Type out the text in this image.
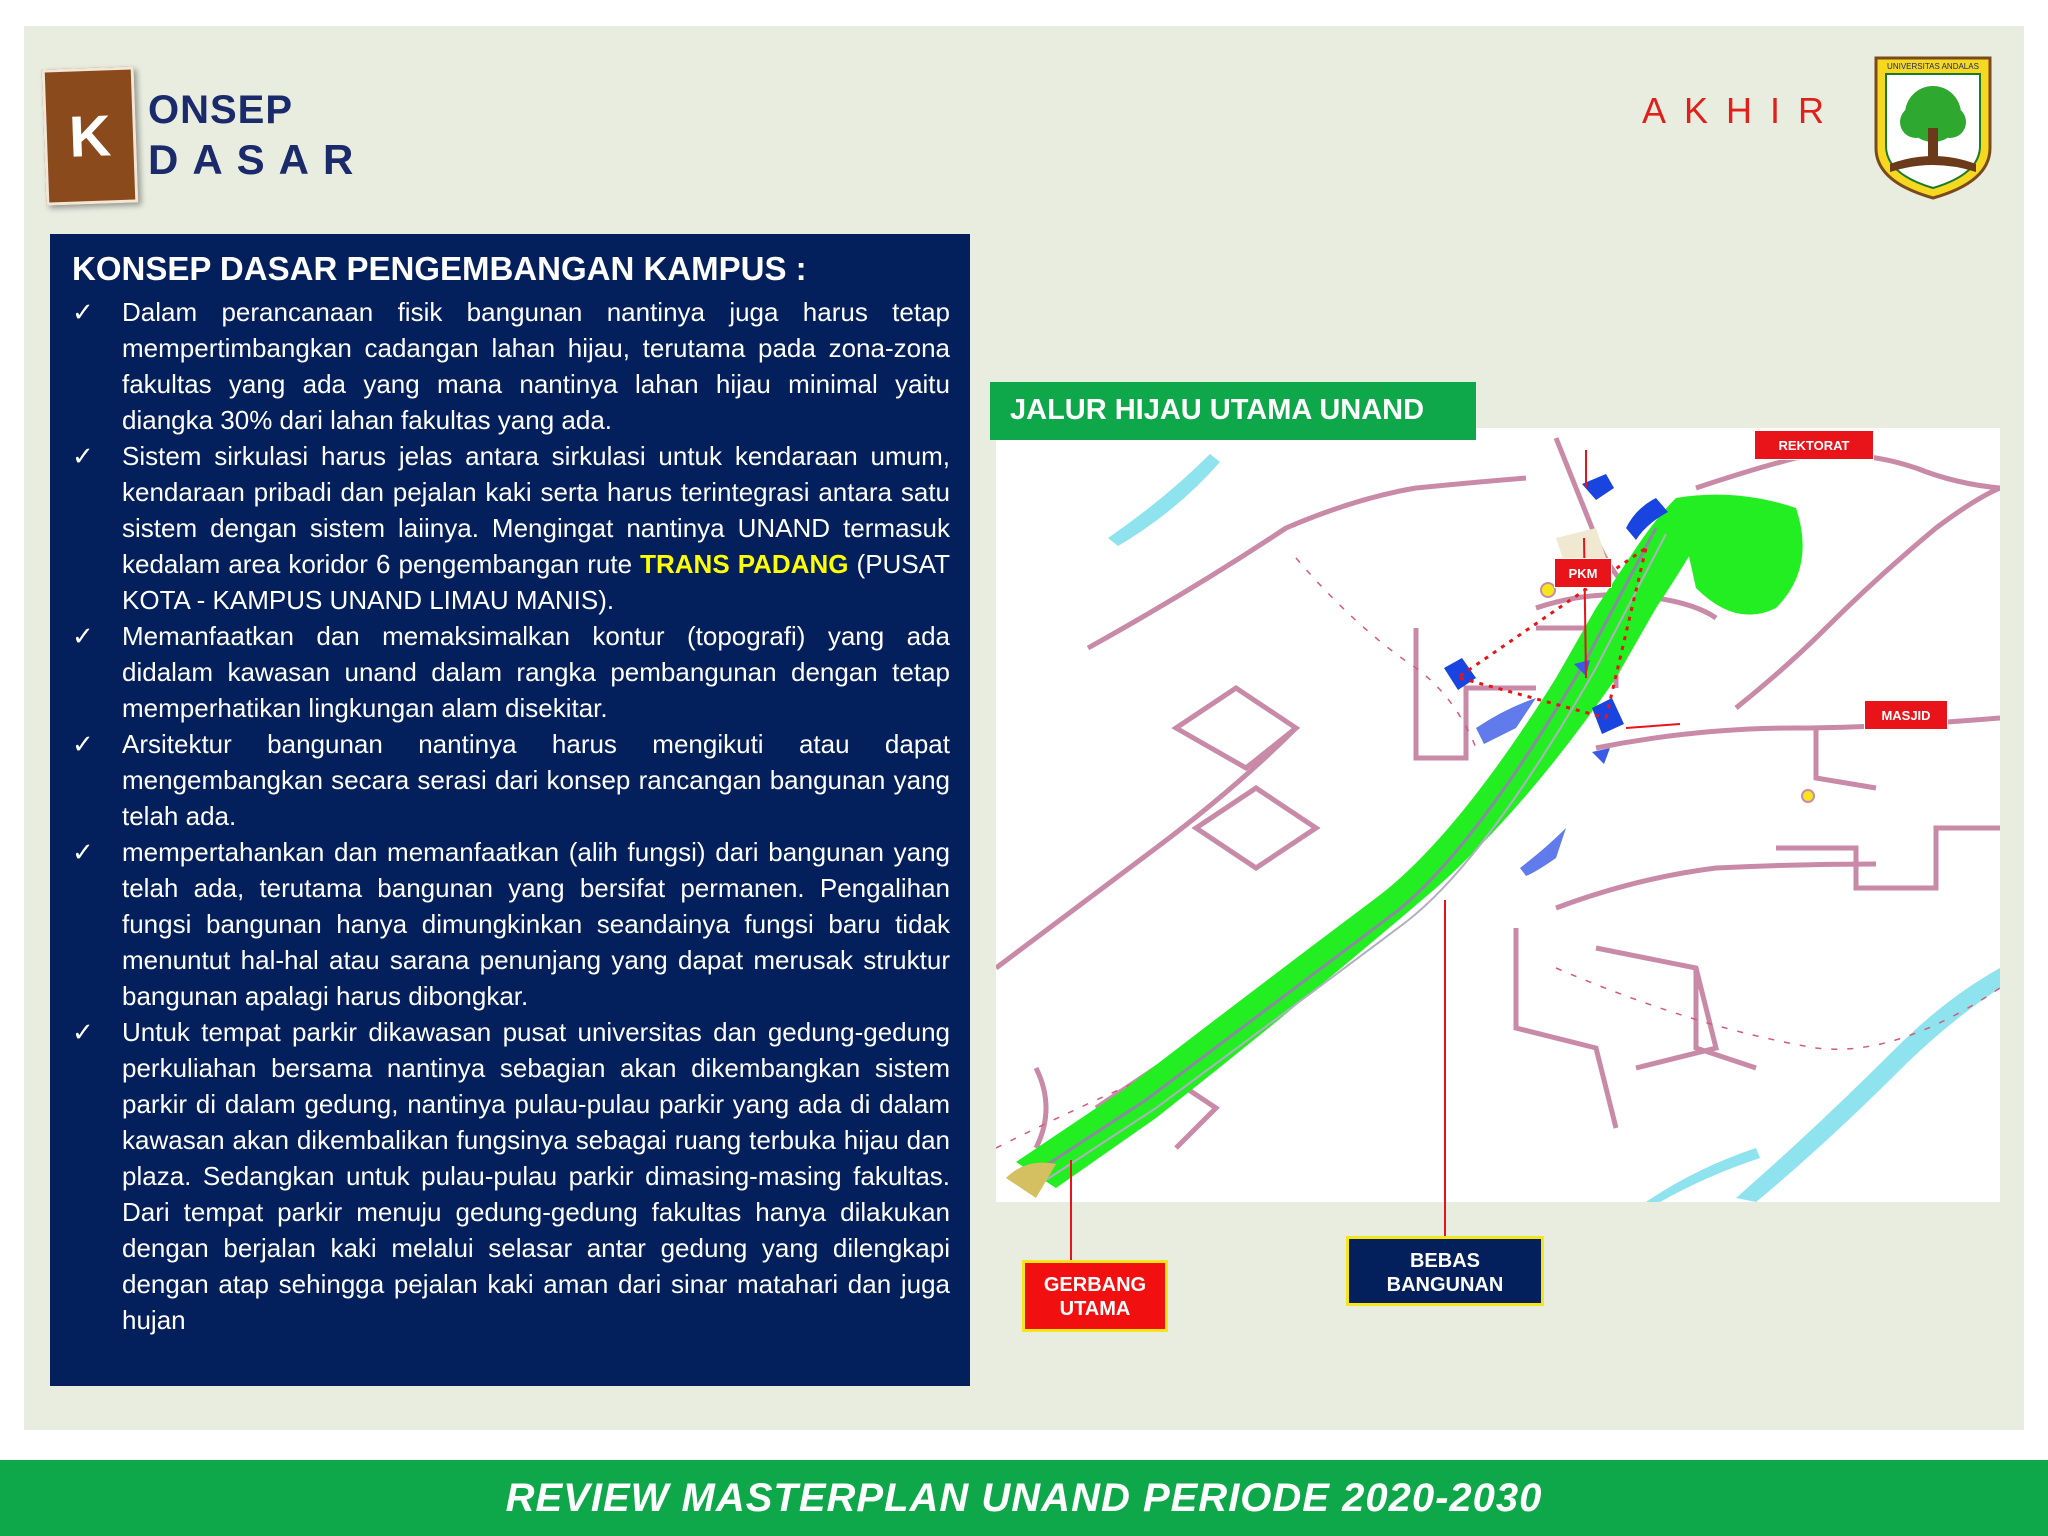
K ONSEP
DASAR
AKHIR
UNIVERSITAS ANDALAS
KONSEP DASAR PENGEMBANGAN KAMPUS :
✓ Dalam perancanaan fisik bangunan nantinya juga harus tetap mempertimbangkan cadangan lahan hijau, terutama pada zona-zona fakultas yang ada yang mana nantinya lahan hijau minimal yaitu diangka 30% dari lahan fakultas yang ada.
✓ Sistem sirkulasi harus jelas antara sirkulasi untuk kendaraan umum, kendaraan pribadi dan pejalan kaki serta harus terintegrasi antara satu sistem dengan sistem laiinya. Mengingat nantinya UNAND termasuk kedalam area koridor 6 pengembangan rute TRANS PADANG (PUSAT KOTA - KAMPUS UNAND LIMAU MANIS).
✓ Memanfaatkan dan memaksimalkan kontur (topografi) yang ada didalam kawasan unand dalam rangka pembangunan dengan tetap memperhatikan lingkungan alam disekitar.
✓ Arsitektur bangunan nantinya harus mengikuti atau dapat mengembangkan secara serasi dari konsep rancangan bangunan yang telah ada.
✓ mempertahankan dan memanfaatkan (alih fungsi) dari bangunan yang telah ada, terutama bangunan yang bersifat permanen. Pengalihan fungsi bangunan hanya dimungkinkan seandainya fungsi baru tidak menuntut hal-hal atau sarana penunjang yang dapat merusak struktur bangunan apalagi harus dibongkar.
✓ Untuk tempat parkir dikawasan pusat universitas dan gedung-gedung perkuliahan bersama nantinya sebagian akan dikembangkan sistem parkir di dalam gedung, nantinya pulau-pulau parkir yang ada di dalam kawasan akan dikembalikan fungsinya sebagai ruang terbuka hijau dan plaza. Sedangkan untuk pulau-pulau parkir dimasing-masing fakultas. Dari tempat parkir menuju gedung-gedung fakultas hanya dilakukan dengan berjalan kaki melalui selasar antar gedung yang dilengkapi dengan atap sehingga pejalan kaki aman dari sinar matahari dan juga hujan
JALUR HIJAU UTAMA UNAND
REKTORAT
PKM
MASJID
GERBANG
UTAMA
BEBAS
BANGUNAN
REVIEW MASTERPLAN UNAND PERIODE 2020-2030
